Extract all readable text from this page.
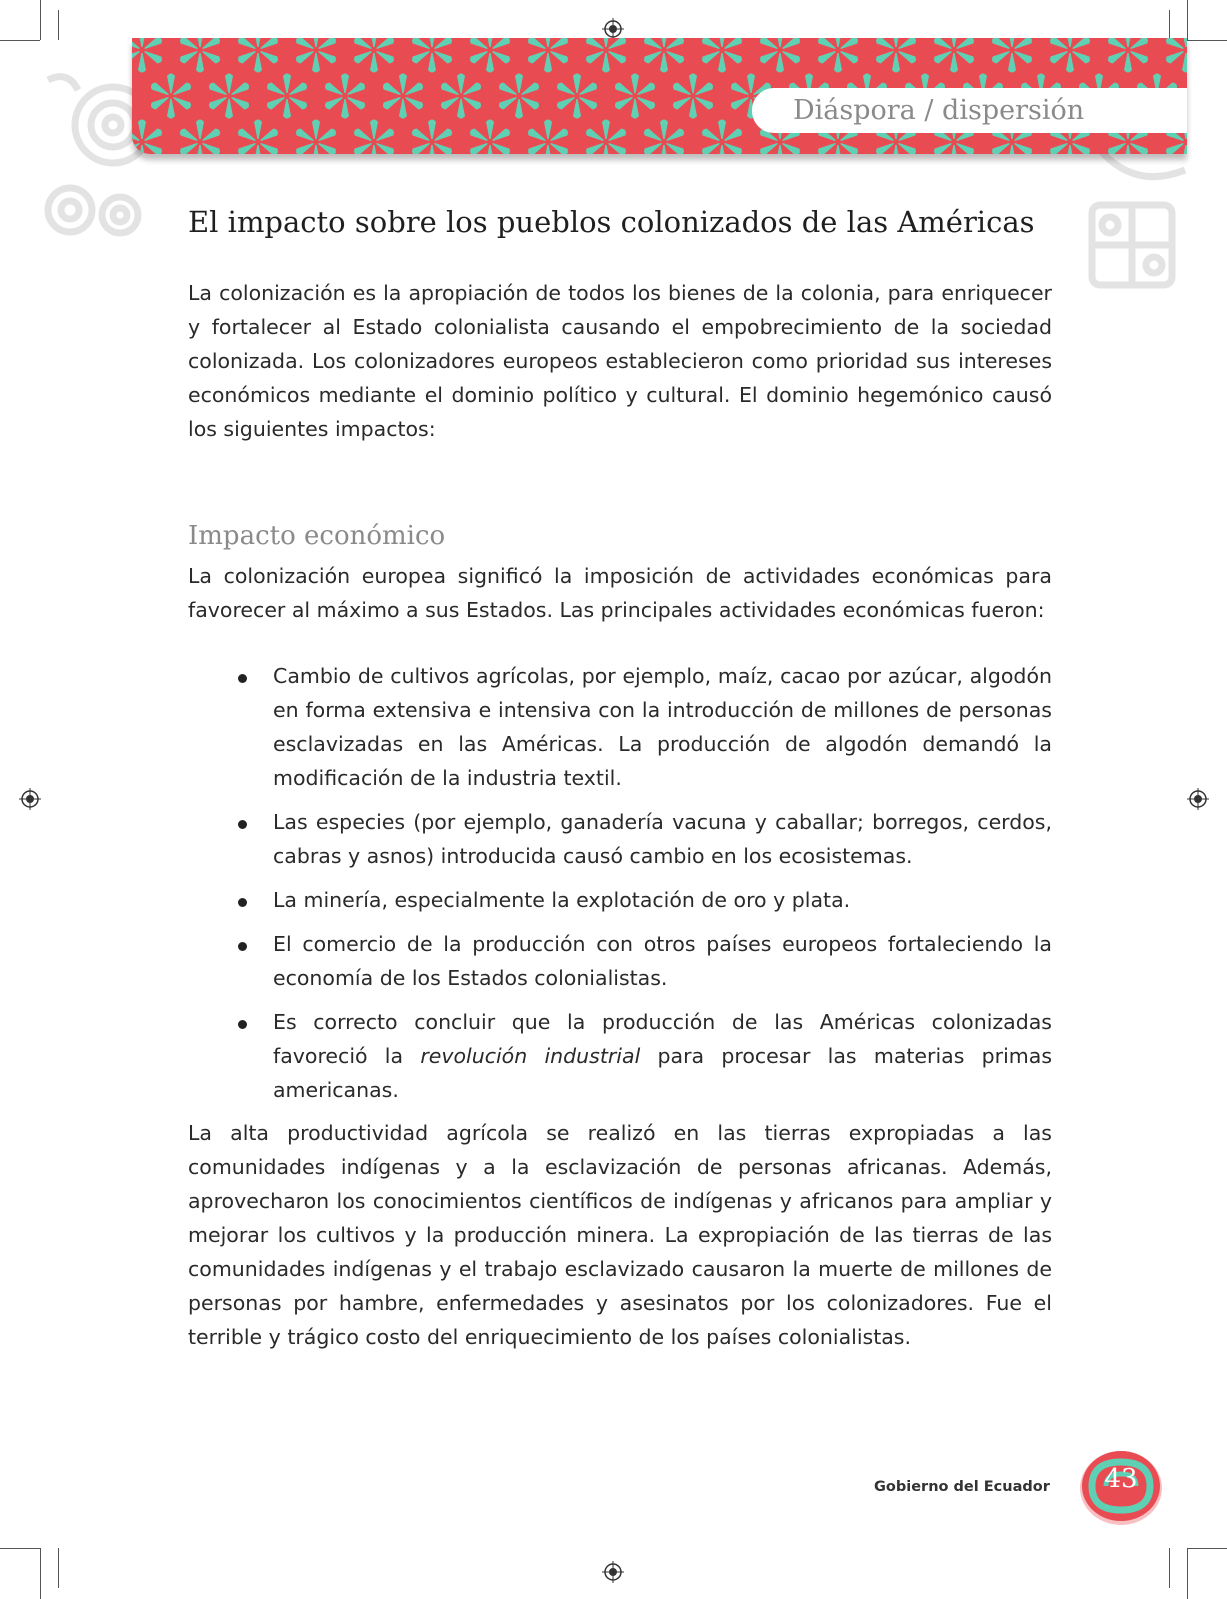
Diáspora / dispersión
El impacto sobre los pueblos colonizados de las Américas

La colonización es la apropiación de todos los bienes de la colonia, para enriquecer y fortalecer al Estado colonialista causando el empobrecimiento de la sociedad colonizada. Los colonizadores europeos establecieron como prioridad sus intereses económicos mediante el dominio político y cultural. El dominio hegemónico causó los siguientes impactos:

Impacto económico

La colonización europea significó la imposición de actividades económicas para favorecer al máximo a sus Estados. Las principales actividades económicas fueron:

Cambio de cultivos agrícolas, por ejemplo, maíz, cacao por azúcar, algodón en forma extensiva e intensiva con la introducción de millones de personas esclavizadas en las Américas. La producción de algodón demandó la modificación de la industria textil.
Las especies (por ejemplo, ganadería vacuna y caballar; borregos, cerdos, cabras y asnos) introducida causó cambio en los ecosistemas.
La minería, especialmente la explotación de oro y plata.
El comercio de la producción con otros países europeos fortaleciendo la economía de los Estados colonialistas.
Es correcto concluir que la producción de las Américas colonizadas favoreció la revolución industrial para procesar las materias primas americanas.

La alta productividad agrícola se realizó en las tierras expropiadas a las comunidades indígenas y a la esclavización de personas africanas. Además, aprovecharon los conocimientos científicos de indígenas y africanos para ampliar y mejorar los cultivos y la producción minera. La expropiación de las tierras de las comunidades indígenas y el trabajo esclavizado causaron la muerte de millones de personas por hambre, enfermedades y asesinatos por los colonizadores. Fue el terrible y trágico costo del enriquecimiento de los países colonialistas.

Gobierno del Ecuador	43
